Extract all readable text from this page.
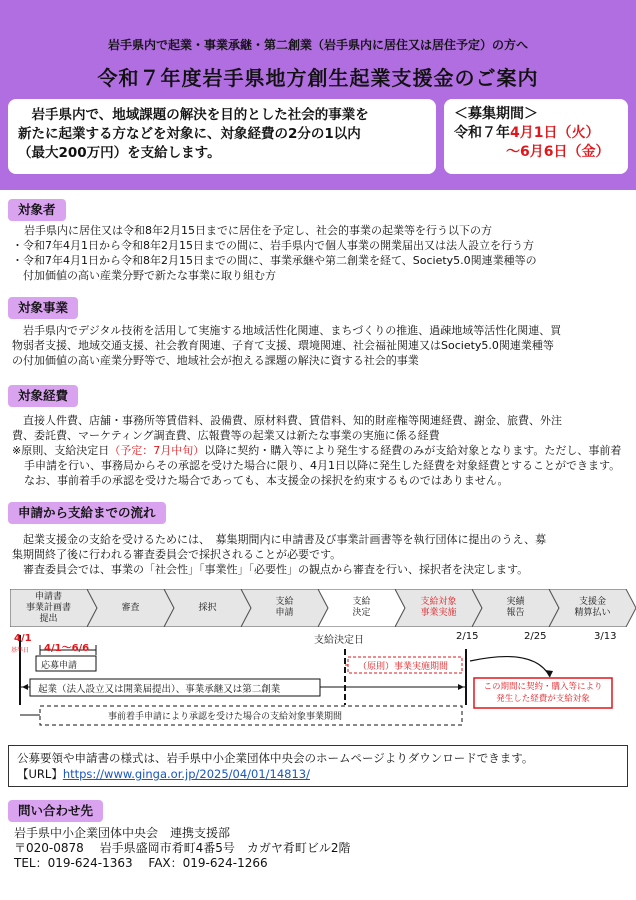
岩手県内で起業・事業承継・第二創業（岩手県内に居住又は居住予定）の方へ
令和７年度岩手県地方創生起業支援金のご案内

　岩手県内で、地域課題の解決を目的とした社会的事業を
新たに起業する方などを対象に、対象経費の2分の1以内
（最大200万円）を支給します。

＜募集期間＞
令和７年4月1日（火）
～6月6日（金）
対象者

岩手県内に居住又は令和8年2月15日までに居住を予定し、社会的事業の起業等を行う以下の方

・令和7年4月1日から令和8年2月15日までの間に、岩手県内で個人事業の開業届出又は法人設立を行う方

・令和7年4月1日から令和8年2月15日までの間に、事業承継や第二創業を経て、Society5.0関連業種等の

　付加価値の高い産業分野で新たな事業に取り組む方

対象事業

　岩手県内でデジタル技術を活用して実施する地域活性化関連、まちづくりの推進、過疎地域等活性化関連、買

物弱者支援、地域交通支援、社会教育関連、子育て支援、環境関連、社会福祉関連又はSociety5.0関連業種等

の付加価値の高い産業分野等で、地域社会が抱える課題の解決に資する社会的事業

対象経費

　直接人件費、店舗・事務所等賃借料、設備費、原材料費、賃借料、知的財産権等関連経費、謝金、旅費、外注

費、委託費、マーケティング調査費、広報費等の起業又は新たな事業の実施に係る経費

※原則、支給決定日（予定：7月中旬）以降に契約・購入等により発生する経費のみが支給対象となります。ただし、事前着手申請を行い、事務局からその承認を受けた場合に限り、4月1日以降に発生した経費を対象経費とすることができます。なお、事前着手の承認を受けた場合であっても、本支援金の採択を約束するものではありません。

申請から支給までの流れ

　起業支援金の支給を受けるためには、　募集期間内に申請書及び事業計画書等を執行団体に提出のうえ、募

集期間終了後に行われる審査委員会で採択されることが必要です。

　審査委員会では、事業の「社会性」「事業性」「必要性」の観点から審査を行い、採択者を決定します。

申請書
事業計画書
提出
審査	採択
支給
申請
支給
決定
支給対象
事業実施
実績
報告
支援金
精算払い
4/1
基準日 4/1～6/6
応募申請
支給決定日	2/15	2/25	3/13
（原則）事業実施期間
起業（法人設立又は開業届提出）、事業承継又は第二創業
事前着手申請により承認を受けた場合の支給対象事業期間
この期間に契約・購入等により
発生した経費が支給対象
公募要領や申請書の様式は、岩手県中小企業団体中央会のホームページよりダウンロードできます。
【URL】https://www.ginga.or.jp/2025/04/01/14813/
問い合わせ先
岩手県中小企業団体中央会　連携支援部
〒020-0878　 岩手県盛岡市肴町4番5号　カガヤ肴町ビル2階
TEL：019-624-1363　 FAX：019-624-1266
